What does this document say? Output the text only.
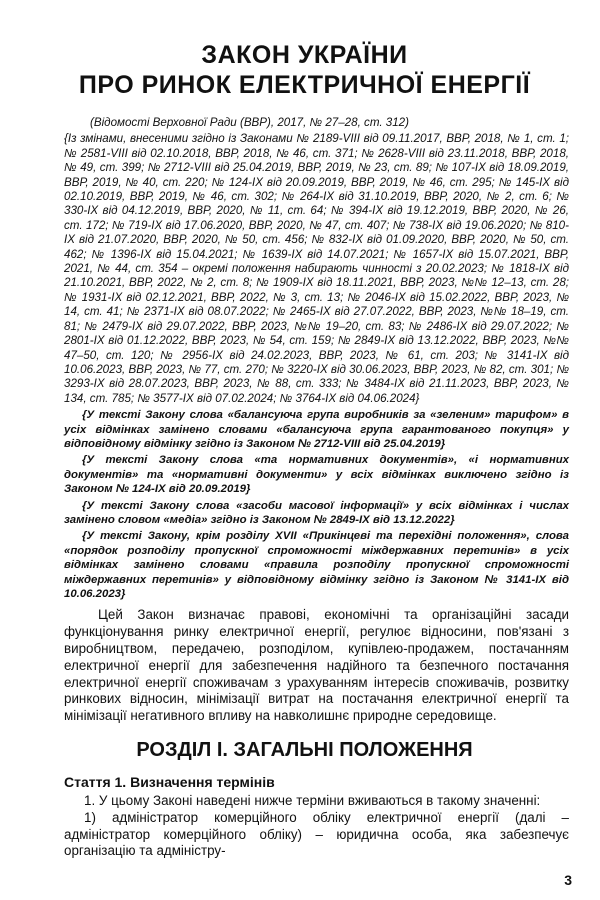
ЗАКОН УКРАЇНИ
ПРО РИНОК ЕЛЕКТРИЧНОЇ ЕНЕРГІЇ
(Відомості Верховної Ради (ВВР), 2017, № 27–28, ст. 312)
{Із змінами, внесеними згідно із Законами № 2189-VIII від 09.11.2017, ВВР, 2018, № 1, ст. 1; № 2581-VIII від 02.10.2018, ВВР, 2018, № 46, ст. 371; № 2628-VIII від 23.11.2018, ВВР, 2018, № 49, ст. 399; № 2712-VIII від 25.04.2019, ВВР, 2019, № 23, ст. 89; № 107-IX від 18.09.2019, ВВР, 2019, № 40, ст. 220; № 124-IX від 20.09.2019, ВВР, 2019, № 46, ст. 295; № 145-IX від 02.10.2019, ВВР, 2019, № 46, ст. 302; № 264-IX від 31.10.2019, ВВР, 2020, № 2, ст. 6; № 330-IX від 04.12.2019, ВВР, 2020, № 11, ст. 64; № 394-IX від 19.12.2019, ВВР, 2020, № 26, ст. 172; № 719-IX від 17.06.2020, ВВР, 2020, № 47, ст. 407; № 738-IX від 19.06.2020; № 810-IX від 21.07.2020, ВВР, 2020, № 50, ст. 456; № 832-IX від 01.09.2020, ВВР, 2020, № 50, ст. 462; № 1396-IX від 15.04.2021; № 1639-IX від 14.07.2021; № 1657-IX від 15.07.2021, ВВР, 2021, № 44, ст. 354 – окремі положення набирають чинності з 20.02.2023; № 1818-IX від 21.10.2021, ВВР, 2022, № 2, ст. 8; № 1909-IX від 18.11.2021, ВВР, 2023, №№ 12–13, ст. 28; № 1931-IX від 02.12.2021, ВВР, 2022, № 3, ст. 13; № 2046-IX від 15.02.2022, ВВР, 2023, № 14, ст. 41; № 2371-IX від 08.07.2022; № 2465-IX від 27.07.2022, ВВР, 2023, №№ 18–19, ст. 81; № 2479-IX від 29.07.2022, ВВР, 2023, №№ 19–20, ст. 83; № 2486-IX від 29.07.2022; № 2801-IX від 01.12.2022, ВВР, 2023, № 54, ст. 159; № 2849-IX від 13.12.2022, ВВР, 2023, №№ 47–50, ст. 120; № 2956-IX від 24.02.2023, ВВР, 2023, № 61, ст. 203; № 3141-IX від 10.06.2023, ВВР, 2023, № 77, ст. 270; № 3220-IX від 30.06.2023, ВВР, 2023, № 82, ст. 301; № 3293-IX від 28.07.2023, ВВР, 2023, № 88, ст. 333; № 3484-IX від 21.11.2023, ВВР, 2023, № 134, ст. 785; № 3577-IX від 07.02.2024; № 3764-IX від 04.06.2024}
{У тексті Закону слова «балансуюча група виробників за «зеленим» тарифом» в усіх відмінках замінено словами «балансуюча група гарантованого покупця» у відповідному відмінку згідно із Законом № 2712-VIII від 25.04.2019}
{У тексті Закону слова «та нормативних документів», «і нормативних документів» та «нормативні документи» у всіх відмінках виключено згідно із Законом № 124-IX від 20.09.2019}
{У тексті Закону слова «засоби масової інформації» у всіх відмінках і числах замінено словом «медіа» згідно із Законом № 2849-IX від 13.12.2022}
{У тексті Закону, крім розділу XVII «Прикінцеві та перехідні положення», слова «порядок розподілу пропускної спроможності міждержавних перетинів» в усіх відмінках замінено словами «правила розподілу пропускної спроможності міждержавних перетинів» у відповідному відмінку згідно із Законом № 3141-IX від 10.06.2023}
Цей Закон визначає правові, економічні та організаційні засади функціонування ринку електричної енергії, регулює відносини, пов'язані з виробництвом, передачею, розподілом, купівлею-продажем, постачанням електричної енергії для забезпечення надійного та безпечного постачання електричної енергії споживачам з урахуванням інтересів споживачів, розвитку ринкових відносин, мінімізації витрат на постачання електричної енергії та мінімізації негативного впливу на навколишнє природне середовище.
РОЗДІЛ І. ЗАГАЛЬНІ ПОЛОЖЕННЯ
Стаття 1. Визначення термінів
1. У цьому Законі наведені нижче терміни вживаються в такому значенні:
1) адміністратор комерційного обліку електричної енергії (далі – адміністратор комерційного обліку) – юридична особа, яка забезпечує організацію та адміністру-
3
